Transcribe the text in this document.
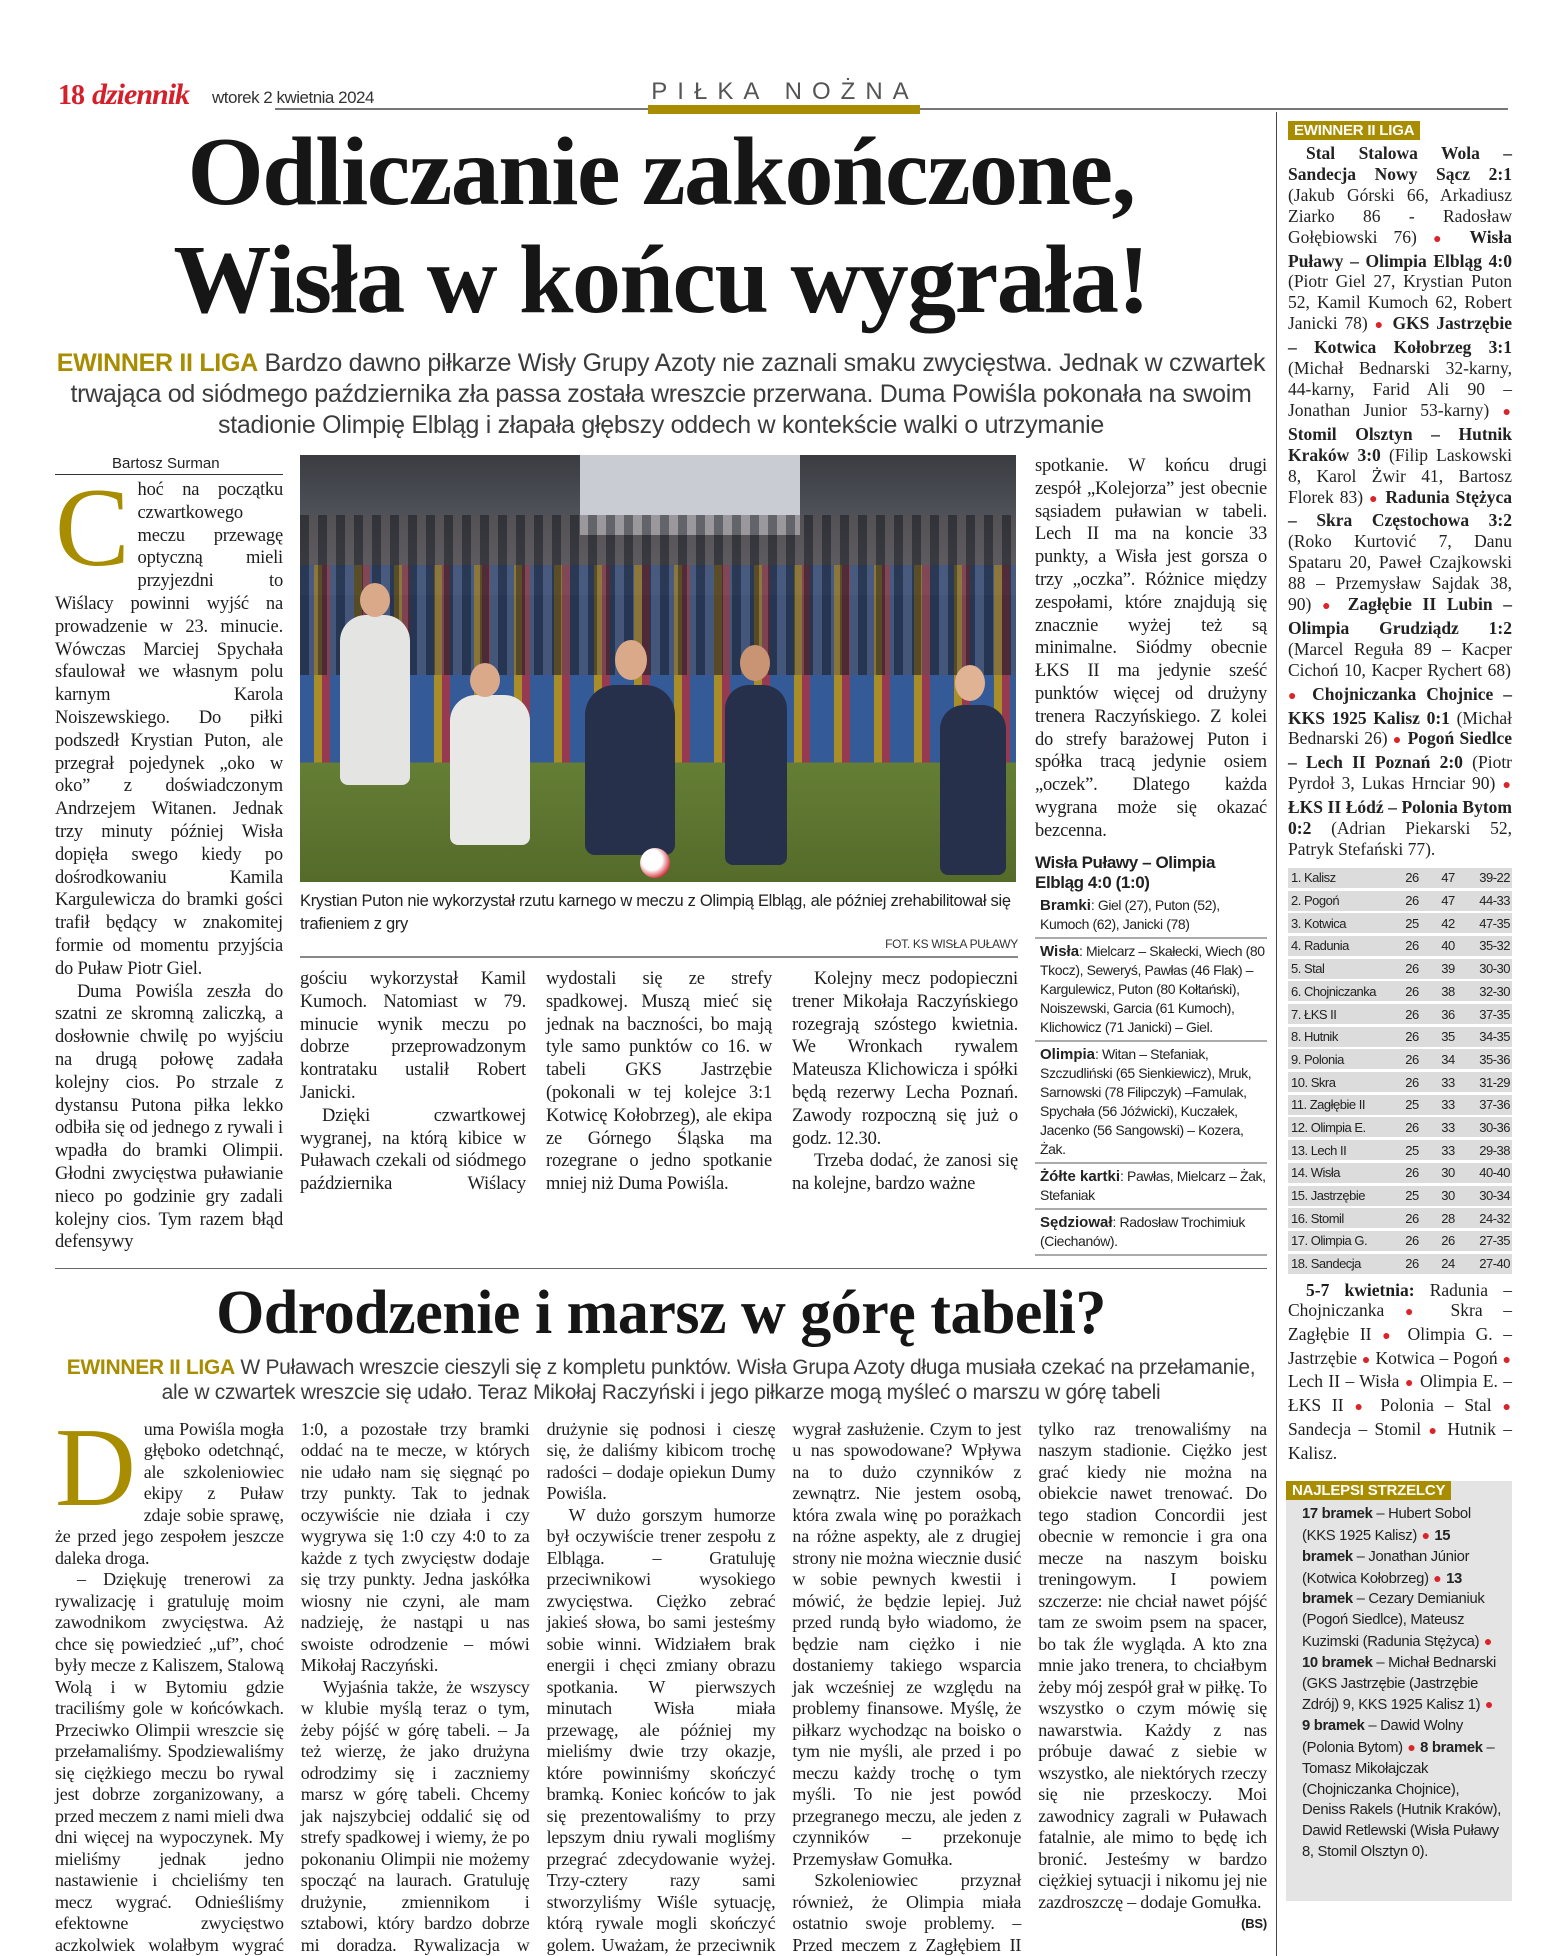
18 dziennik wtorek 2 kwietnia 2024	PIŁKA NOŻNA
Odliczanie zakończone,
Wisła w końcu wygrała!
EWINNER II LIGA Bardzo dawno piłkarze Wisły Grupy Azoty nie zaznali smaku zwycięstwa. Jednak w czwartek trwająca od siódmego października zła passa została wreszcie przerwana. Duma Powiśla pokonała na swoim stadionie Olimpię Elbląg i złapała głębszy oddech w kontekście walki o utrzymanie
Bartosz Surman

Choć na początku czwartkowego meczu przewagę optyczną mieli przyjezdni to Wiślacy powinni wyjść na prowadzenie w 23. minucie. Wówczas Marciej Spychała sfaulował we własnym polu karnym Karola Noiszewskiego. Do piłki podszedł Krystian Puton, ale przegrał pojedynek „oko w oko” z doświadczonym Andrzejem Witanen. Jednak trzy minuty później Wisła dopięła swego kiedy po dośrodkowaniu Kamila Kargulewicza do bramki gości trafił będący w znakomitej formie od momentu przyjścia do Puław Piotr Giel.

Duma Powiśla zeszła do szatni ze skromną zaliczką, a dosłownie chwilę po wyjściu na drugą połowę zadała kolejny cios. Po strzale z dystansu Putona piłka lekko odbiła się od jednego z rywali i wpadła do bramki Olimpii. Głodni zwycięstwa puławianie nieco po godzinie gry zadali kolejny cios. Tym razem błąd defensywy

Krystian Puton nie wykorzystał rzutu karnego w meczu z Olimpią Elbląg, ale później zrehabilitował się trafieniem z gry
FOT. KS WISŁA PUŁAWY

gościu wykorzystał Kamil Kumoch. Natomiast w 79. minucie wynik meczu po dobrze przeprowadzonym kontrataku ustalił Robert Janicki.

Dzięki czwartkowej wygranej, na którą kibice w Puławach czekali od siódmego października Wiślacy wydostali się ze strefy spadkowej. Muszą mieć się jednak na baczności, bo mają tyle samo punktów co 16. w tabeli GKS Jastrzębie (pokonali w tej kolejce 3:1 Kotwicę Kołobrzeg), ale ekipa ze Górnego Śląska ma rozegrane o jedno spotkanie mniej niż Duma Powiśla.

Kolejny mecz podopieczni trener Mikołaja Raczyńskiego rozegrają szóstego kwietnia. We Wronkach rywalem Mateusza Klichowicza i spółki będą rezerwy Lecha Poznań. Zawody rozpoczną się już o godz. 12.30.

Trzeba dodać, że zanosi się na kolejne, bardzo ważne

spotkanie. W końcu drugi zespół „Kolejorza” jest obecnie sąsiadem puławian w tabeli. Lech II ma na koncie 33 punkty, a Wisła jest gorsza o trzy „oczka”. Różnice między zespołami, które znajdują się znacznie wyżej też są minimalne. Siódmy obecnie ŁKS II ma jedynie sześć punktów więcej od drużyny trenera Raczyńskiego. Z kolei do strefy barażowej Puton i spółka tracą jedynie osiem „oczek”. Dlatego każda wygrana może się okazać bezcenna.

Wisła Puławy – Olimpia Elbląg 4:0 (1:0)
Bramki: Giel (27), Puton (52), Kumoch (62), Janicki (78)
Wisła: Mielcarz – Skałecki, Wiech (80 Tkocz), Seweryś, Pawłas (46 Flak) – Kargulewicz, Puton (80 Kołtański), Noiszewski, Garcia (61 Kumoch), Klichowicz (71 Janicki) – Giel.
Olimpia: Witan – Stefaniak, Szczudliński (65 Sienkiewicz), Mruk, Sarnowski (78 Filipczyk) –Famulak, Spychała (56 Jóźwicki), Kuczałek, Jacenko (56 Sangowski) – Kozera, Żak.
Żółte kartki: Pawłas, Mielcarz – Żak, Stefaniak
Sędziował: Radosław Trochimiuk (Ciechanów).
Odrodzenie i marsz w górę tabeli?
EWINNER II LIGA W Puławach wreszcie cieszyli się z kompletu punktów. Wisła Grupa Azoty długa musiała czekać na przełamanie, ale w czwartek wreszcie się udało. Teraz Mikołaj Raczyński i jego piłkarze mogą myśleć o marszu w górę tabeli

Duma Powiśla mogła głęboko odetchnąć, ale szkoleniowiec ekipy z Puław zdaje sobie sprawę, że przed jego zespołem jeszcze daleka droga.

– Dziękuję trenerowi za rywalizację i gratuluję moim zawodnikom zwycięstwa. Aż chce się powiedzieć „uf”, choć były mecze z Kaliszem, Stalową Wolą i w Bytomiu gdzie traciliśmy gole w końcówkach. Przeciwko Olimpii wreszcie się przełamaliśmy. Spodziewaliśmy się ciężkiego meczu bo rywal jest dobrze zorganizowany, a przed meczem z nami mieli dwa dni więcej na wypoczynek. My mieliśmy jednak jedno nastawienie i chcieliśmy ten mecz wygrać. Odnieśliśmy efektowne zwycięstwo aczkolwiek wolałbym wygrać 1:0, a pozostałe trzy bramki oddać na te mecze, w których nie udało nam się sięgnąć po trzy punkty. Tak to jednak oczywiście nie działa i czy wygrywa się 1:0 czy 4:0 to za każde z tych zwycięstw dodaje się trzy punkty. Jedna jaskółka wiosny nie czyni, ale mam nadzieję, że nastąpi u nas swoiste odrodzenie – mówi Mikołaj Raczyński.

Wyjaśnia także, że wszyscy w klubie myślą teraz o tym, żeby pójść w górę tabeli. – Ja też wierzę, że jako drużyna odrodzimy się i zaczniemy marsz w górę tabeli. Chcemy jak najszybciej oddalić się od strefy spadkowej i wiemy, że po pokonaniu Olimpii nie możemy spocząć na laurach. Gratuluję drużynie, zmiennikom i sztabowi, który bardzo dobrze mi doradza. Rywalizacja w drużynie się podnosi i cieszę się, że daliśmy kibicom trochę radości – dodaje opiekun Dumy Powiśla.

W dużo gorszym humorze był oczywiście trener zespołu z Elbląga. – Gratuluję przeciwnikowi wysokiego zwycięstwa. Ciężko zebrać jakieś słowa, bo sami jesteśmy sobie winni. Widziałem brak energii i chęci zmiany obrazu spotkania. W pierwszych minutach Wisła miała przewagę, ale później my mieliśmy dwie trzy okazje, które powinniśmy skończyć bramką. Koniec końców to jak się prezentowaliśmy to przy lepszym dniu rywali mogliśmy przegrać zdecydowanie wyżej. Trzy-cztery razy sami stworzyliśmy Wiśle sytuację, którą rywale mogli skończyć golem. Uważam, że przeciwnik wygrał zasłużenie. Czym to jest u nas spowodowane? Wpływa na to dużo czynników z zewnątrz. Nie jestem osobą, która zwala winę po porażkach na różne aspekty, ale z drugiej strony nie można wiecznie dusić w sobie pewnych kwestii i mówić, że będzie lepiej. Już przed rundą było wiadomo, że będzie nam ciężko i nie dostaniemy takiego wsparcia jak wcześniej ze względu na problemy finansowe. Myślę, że piłkarz wychodząc na boisko o tym nie myśli, ale przed i po meczu każdy trochę o tym myśli. To nie jest powód przegranego meczu, ale jeden z czynników – przekonuje Przemysław Gomułka.

Szkoleniowiec przyznał również, że Olimpia miała ostatnio swoje problemy. – Przed meczem z Zagłębiem II tylko raz trenowaliśmy na naszym stadionie. Ciężko jest grać kiedy nie można na obiekcie nawet trenować. Do tego stadion Concordii jest obecnie w remoncie i gra ona mecze na naszym boisku treningowym. I powiem szczerze: nie chciał nawet pójść tam ze swoim psem na spacer, bo tak źle wygląda. A kto zna mnie jako trenera, to chciałbym żeby mój zespół grał w piłkę. To wszystko o czym mówię się nawarstwia. Każdy z nas próbuje dawać z siebie w wszystko, ale niektórych rzeczy się nie przeskoczy. Moi zawodnicy zagrali w Puławach fatalnie, ale mimo to będę ich bronić. Jesteśmy w bardzo ciężkiej sytuacji i nikomu jej nie zazdroszczę – dodaje Gomułka.
(BS)

EWINNER II LIGA
Stal Stalowa Wola – Sandecja Nowy Sącz 2:1 (Jakub Górski 66, Arkadiusz Ziarko 86 - Radosław Gołębiowski 76) ● Wisła Puławy – Olimpia Elbląg 4:0 (Piotr Giel 27, Krystian Puton 52, Kamil Kumoch 62, Robert Janicki 78) ● GKS Jastrzębie – Kotwica Kołobrzeg 3:1 (Michał Bednarski 32-karny, 44-karny, Farid Ali 90 – Jonathan Junior 53-karny) ● Stomil Olsztyn – Hutnik Kraków 3:0 (Filip Laskowski 8, Karol Żwir 41, Bartosz Florek 83) ● Radunia Stężyca – Skra Częstochowa 3:2 (Roko Kurtović 7, Danu Spataru 20, Paweł Czajkowski 88 – Przemysław Sajdak 38, 90) ● Zagłębie II Lubin – Olimpia Grudziądz 1:2 (Marcel Reguła 89 – Kacper Cichoń 10, Kacper Rychert 68) ● Chojniczanka Chojnice – KKS 1925 Kalisz 0:1 (Michał Bednarski 26) ● Pogoń Siedlce – Lech II Poznań 2:0 (Piotr Pyrdoł 3, Lukas Hrnciar 90) ● ŁKS II Łódź – Polonia Bytom 0:2 (Adrian Piekarski 52, Patryk Stefański 77).
1. Kalisz	26	47	39-22
2. Pogoń	26	47	44-33
3. Kotwica	25	42	47-35
4. Radunia	26	40	35-32
5. Stal	26	39	30-30
6. Chojniczanka	26	38	32-30
7. ŁKS II	26	36	37-35
8. Hutnik	26	35	34-35
9. Polonia	26	34	35-36
10. Skra	26	33	31-29
11. Zagłębie II	25	33	37-36
12. Olimpia E.	26	33	30-36
13. Lech II	25	33	29-38
14. Wisła	26	30	40-40
15. Jastrzębie	25	30	30-34
16. Stomil	26	28	24-32
17. Olimpia G.	26	26	27-35
18. Sandecja	26	24	27-40
5-7 kwietnia: Radunia – Chojniczanka ● Skra – Zagłębie II ● Olimpia G. – Jastrzębie ● Kotwica – Pogoń ● Lech II – Wisła ● Olimpia E. – ŁKS II ● Polonia – Stal ● Sandecja – Stomil ● Hutnik – Kalisz.
NAJLEPSI STRZELCY
17 bramek – Hubert Sobol (KKS 1925 Kalisz) ● 15 bramek – Jonathan Júnior (Kotwica Kołobrzeg) ● 13 bramek – Cezary Demianiuk (Pogoń Siedlce), Mateusz Kuzimski (Radunia Stężyca) ● 10 bramek – Michał Bednarski (GKS Jastrzębie (Jastrzębie Zdrój) 9, KKS 1925 Kalisz 1) ● 9 bramek – Dawid Wolny (Polonia Bytom) ● 8 bramek – Tomasz Mikołajczak (Chojniczanka Chojnice), Deniss Rakels (Hutnik Kraków), Dawid Retlewski (Wisła Puławy 8, Stomil Olsztyn 0).
